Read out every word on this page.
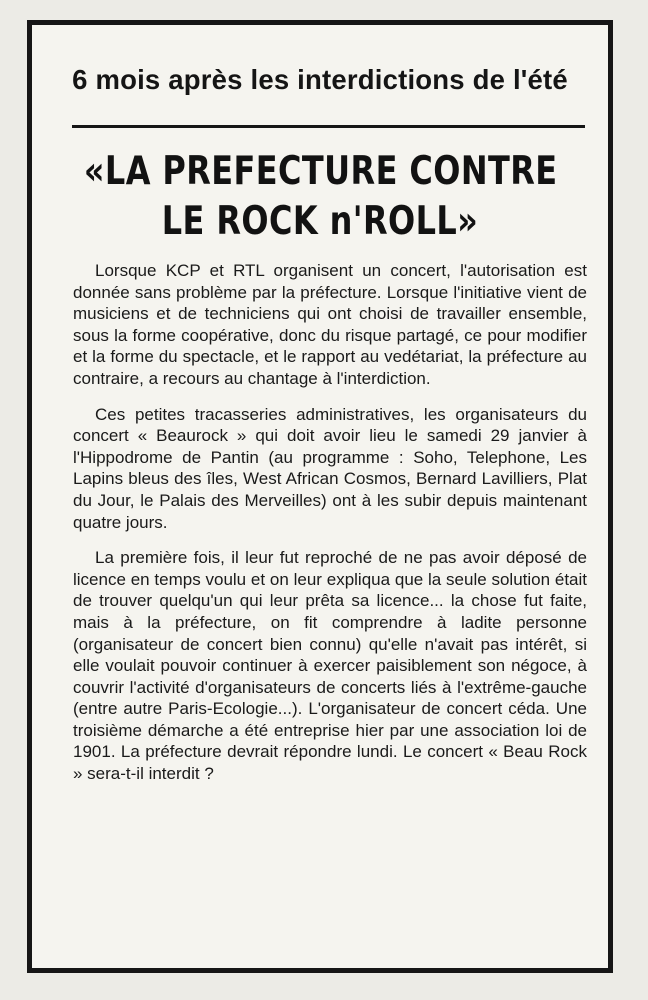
6 mois après les interdictions de l'été
«LA PREFECTURE CONTRE
LE ROCK n'ROLL»

Lorsque KCP et RTL organisent un concert, l'autorisation est donnée sans problème par la préfecture. Lorsque l'initiative vient de musiciens et de techniciens qui ont choisi de travailler ensemble, sous la forme coopérative, donc du risque partagé, ce pour modifier et la forme du spectacle, et le rapport au vedétariat, la préfecture au contraire, a recours au chantage à l'interdiction.

Ces petites tracasseries administratives, les organisateurs du concert « Beaurock » qui doit avoir lieu le samedi 29 janvier à l'Hippodrome de Pantin (au programme : Soho, Telephone, Les Lapins bleus des îles, West African Cosmos, Bernard Lavilliers, Plat du Jour, le Palais des Merveilles) ont à les subir depuis maintenant quatre jours.

La première fois, il leur fut reproché de ne pas avoir déposé de licence en temps voulu et on leur expliqua que la seule solution était de trouver quelqu'un qui leur prêta sa licence... la chose fut faite, mais à la préfecture, on fit comprendre à ladite personne (organisateur de concert bien connu) qu'elle n'avait pas intérêt, si elle voulait pouvoir continuer à exercer paisiblement son négoce, à couvrir l'activité d'organisateurs de concerts liés à l'extrême-gauche (entre autre Paris-Ecologie...). L'organisateur de concert céda. Une troisième démarche a été entreprise hier par une association loi de 1901. La préfecture devrait répondre lundi. Le concert « Beau Rock » sera-t-il interdit ?
